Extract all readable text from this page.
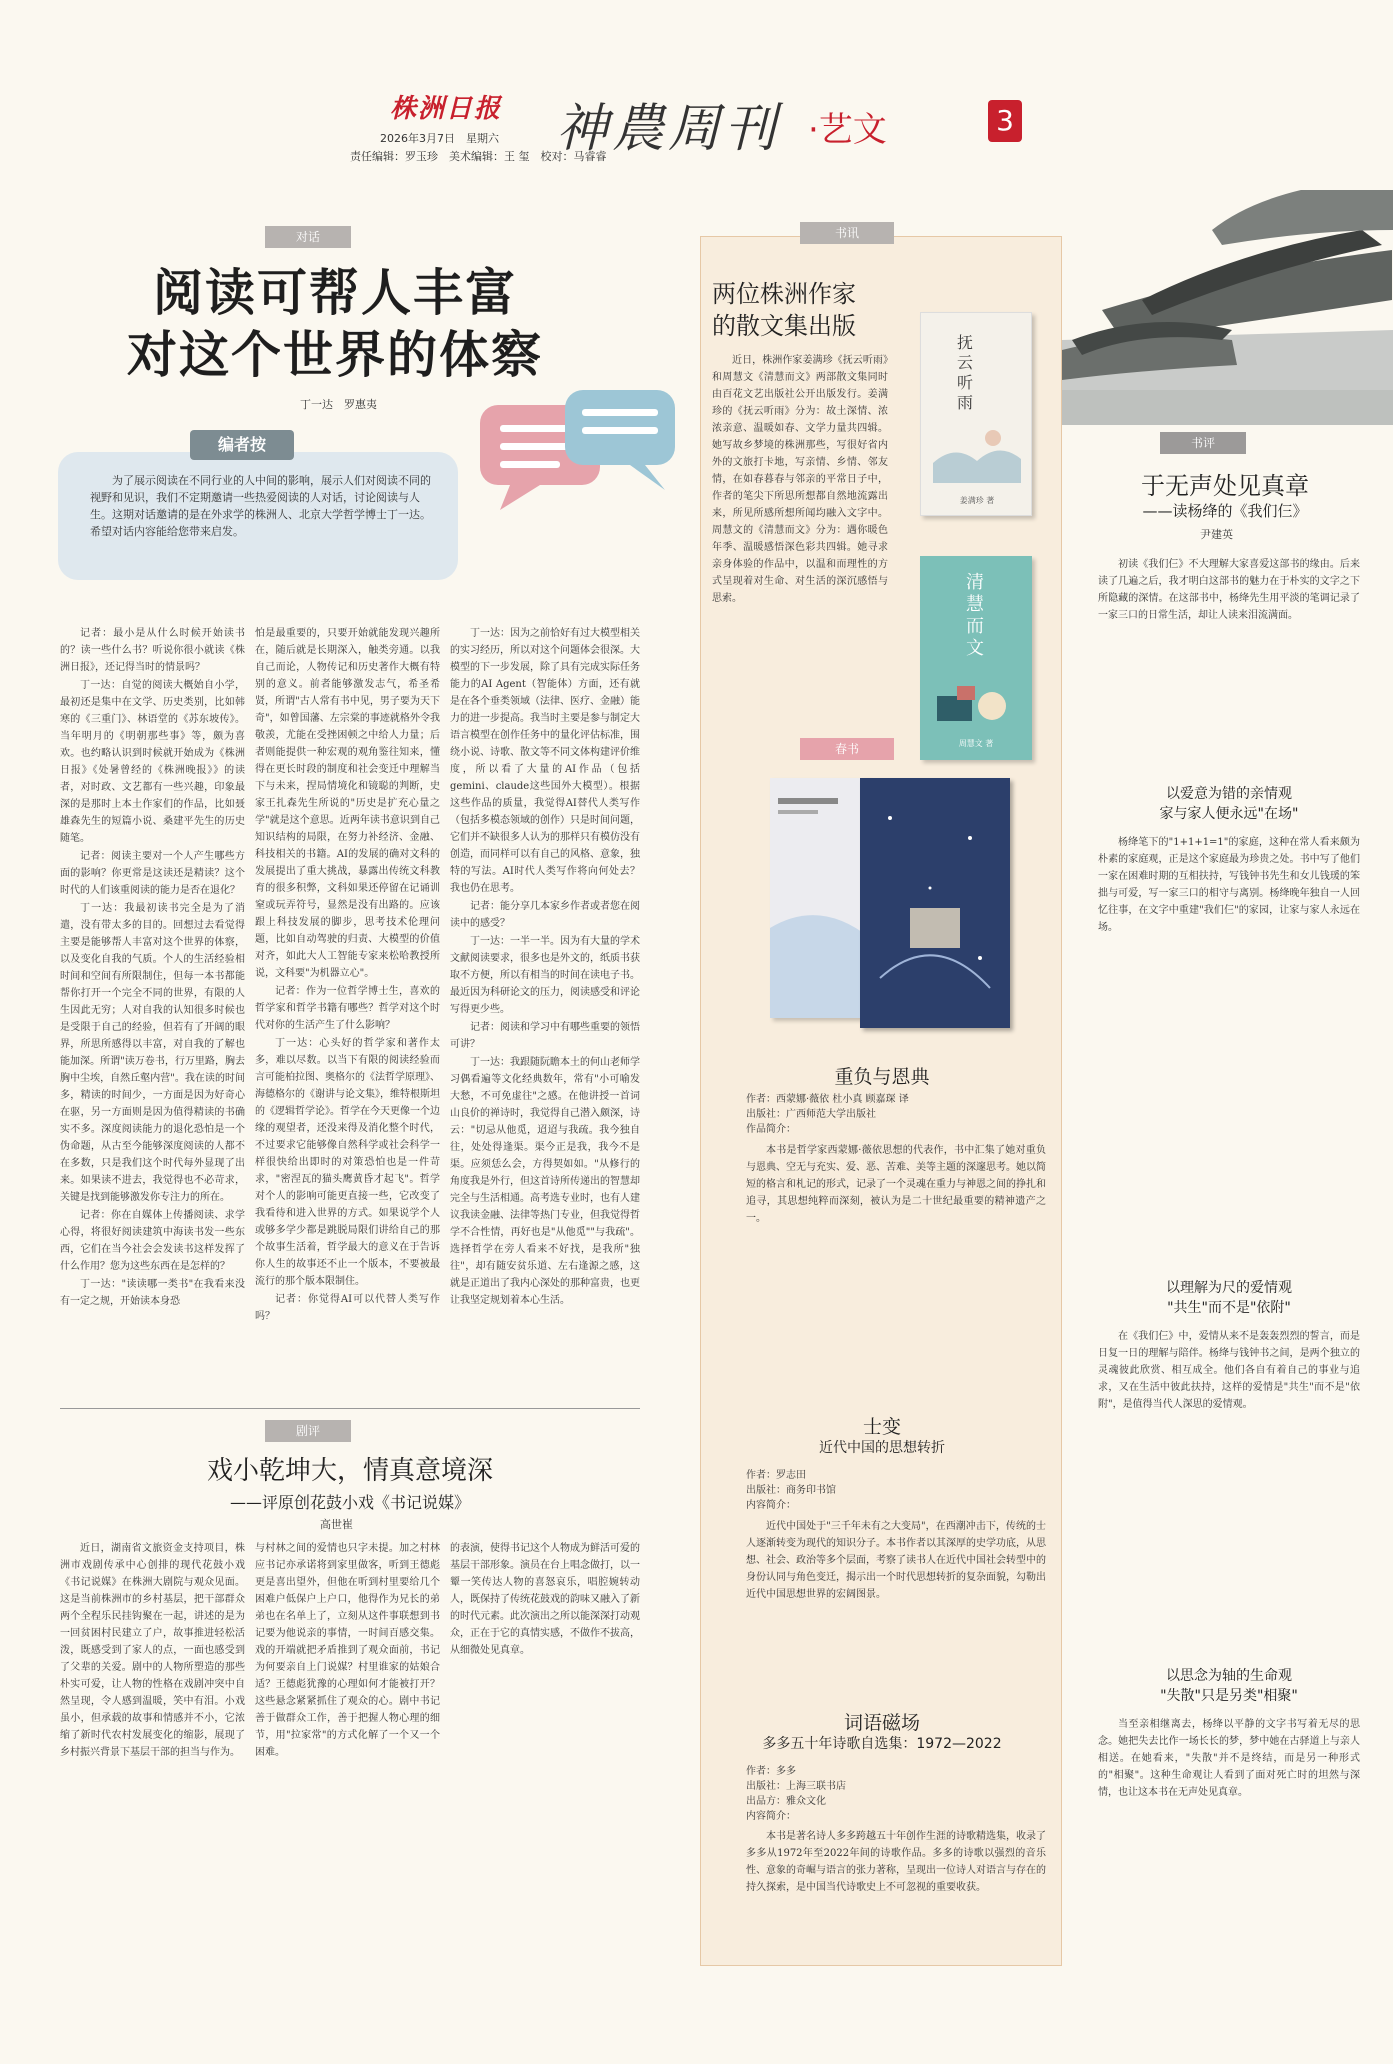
株洲日报
2026年3月7日　星期六
责任编辑：罗玉珍　美术编辑：王 玺　校对：马睿睿
神農周刊 ·艺文	3
对话
阅读可帮人丰富
对这个世界的体察
丁一达　罗惠夷
编者按
为了展示阅读在不同行业的人中间的影响，展示人们对阅读不同的视野和见识，我们不定期邀请一些热爱阅读的人对话，讨论阅读与人生。这期对话邀请的是在外求学的株洲人、北京大学哲学博士丁一达。希望对话内容能给您带来启发。

记者：最小是从什么时候开始读书的？读一些什么书？听说你很小就读《株洲日报》，还记得当时的情景吗？

丁一达：自觉的阅读大概始自小学，最初还是集中在文学、历史类别，比如韩寒的《三重门》、林语堂的《苏东坡传》。当年明月的《明朝那些事》等，颇为喜欢。也约略认识到时候就开始成为《株洲日报》《处暑曾经的《株洲晚报》》的读者，对时政、文艺都有一些兴趣，印象最深的是那时上本土作家们的作品，比如聂雄森先生的短篇小说、桑建平先生的历史随笔。

记者：阅读主要对一个人产生哪些方面的影响？你更常是这读还是精读？这个时代的人们该重阅读的能力是否在退化？

丁一达：我最初读书完全是为了消遣，没有带太多的目的。回想过去看觉得主要是能够帮人丰富对这个世界的体察，以及变化自我的气质。个人的生活经验相时间和空间有所限制住，但每一本书都能帮你打开一个完全不同的世界，有限的人生因此无穷；人对自我的认知很多时候也是受限于自己的经验，但若有了开阔的眼界，所思所感得以丰富，对自我的了解也能加深。所谓"读万卷书，行万里路，胸去胸中尘埃，自然丘壑内营"。我在读的时间多，精读的时间少，一方面是因为好奇心在驱，另一方面则是因为值得精读的书确实不多。深度阅读能力的退化恐怕是一个伪命题，从古至今能够深度阅读的人都不在多数，只是我们这个时代每外显现了出来。如果读不进去，我觉得也不必苛求，关键是找到能够激发你专注力的所在。

记者：你在自媒体上传播阅读、求学心得，将很好阅读建筑中海读书发一些东西，它们在当今社会会发读书这样发挥了什么作用？您为这些东西在是怎样的？

丁一达："读读哪一类书"在我看来没有一定之规，开始读本身恐

怕是最重要的，只要开始就能发现兴趣所在，随后就是长期深入，触类旁通。以我自己而论，人物传记和历史著作大概有特别的意义。前者能够激发志气，希圣希贤，所谓"古人常有书中见，男子要为天下奇"，如曾国藩、左宗棠的事迹就格外令我敬羡，尤能在受挫困顿之中给人力量；后者则能提供一种宏观的观角鉴往知来，懂得在更长时段的制度和社会变迁中理解当下与未来，捏局情境化和镜聪的判断，史家王扎森先生所说的"历史是扩充心量之学"就是这个意思。近两年读书意识到自己知识结构的局限，在努力补经济、金融、科技相关的书籍。AI的发展的确对文科的发展提出了重大挑战，暴露出传统文科教育的很多积弊，文科如果还停留在记诵训窒或玩弄符号，显然是没有出路的。应该跟上科技发展的脚步，思考技术伦理问题，比如自动驾驶的归责、大模型的价值对齐，如此大人工智能专家来松哈教授所说，文科要"为机器立心"。

记者：作为一位哲学博士生，喜欢的哲学家和哲学书籍有哪些？哲学对这个时代对你的生活产生了什么影响？

丁一达：心头好的哲学家和著作太多，难以尽数。以当下有限的阅读经验而言可能柏拉图、奥格尔的《法哲学原理》、海德格尔的《谢讲与论文集》，维特根斯坦的《逻辑哲学论》。哲学在今天更像一个边缘的观望者，还没来得及消化整个时代，不过要求它能够像自然科学或社会科学一样很快给出即时的对策恐怕也是一件苛求，"密涅瓦的猫头鹰黄昏才起飞"。哲学对个人的影响可能更直接一些，它改变了我看待和进入世界的方式。如果说学个人或够多学少都是跳脱局限们讲给自己的那个故事生活着，哲学最大的意义在于告诉你人生的故事还不止一个版本，不要被最流行的那个版本限制住。

记者：你觉得AI可以代替人类写作吗？

丁一达：因为之前恰好有过大模型相关的实习经历，所以对这个问题体会很深。大模型的下一步发展，除了具有完成实际任务能力的AI Agent（智能体）方面，还有就是在各个垂类领域（法律、医疗、金融）能力的进一步提高。我当时主要是参与制定大语言模型在创作任务中的量化评估标准，围绕小说、诗歌、散文等不同文体构建评价维度，所以看了大量的AI作品（包括gemini、claude这些国外大模型）。根据这些作品的质量，我觉得AI替代人类写作（包括多模态领域的创作）只是时间问题，它们并不缺很多人认为的那样只有模仿没有创造，而同样可以有自己的风格、意象，独特的写法。AI时代人类写作将向何处去？我也仍在思考。

记者：能分享几本家乡作者或者您在阅读中的感受？

丁一达：一半一半。因为有大量的学术文献阅读要求，很多也是外文的，纸质书获取不方便，所以有相当的时间在读电子书。最近因为科研论文的压力，阅读感受和评论写得更少些。

记者：阅读和学习中有哪些重要的领悟可讲？

丁一达：我跟随阮瞻本土的何山老师学习偶看遍等文化经典数年，常有"小可喻发大愁，不可免虚往"之感。在他讲授一首词山良价的禅诗时，我觉得自己潜入颇深，诗云："切忌从他觅，迢迢与我疏。我今独自往，处处得逢渠。渠今正是我，我今不是渠。应须恁么会，方得契如如。"从修行的角度我是外行，但这首诗所传递出的智慧却完全与生活相通。高考选专业时，也有人建议我读金融、法律等热门专业，但我觉得哲学不合性情，再好也是"从他觅""与我疏"。选择哲学在旁人看来不好找，是我所"独往"，却有随安贫乐道、左右逢源之感，这就是正道出了我内心深处的那种富贵，也更让我坚定规划着本心生活。

剧评
戏小乾坤大，情真意境深
——评原创花鼓小戏《书记说媒》
高世崔

近日，湖南省文旅资金支持项目，株洲市戏剧传承中心创排的现代花鼓小戏《书记说媒》在株洲大剧院与观众见面。这是当前株洲市的乡村基层，把干部群众两个全程乐民挂钩聚在一起，讲述的是为一回贫困村民建立了户，故事推进轻松活泼，既感受到了家人的点，一面也感受到了父辈的关爱。剧中的人物所塑造的那些朴实可爱，让人物的性格在戏剧冲突中自然呈现，令人感到温暖，笑中有泪。小戏虽小，但承载的故事和情感并不小，它浓缩了新时代农村发展变化的缩影，展现了乡村振兴背景下基层干部的担当与作为。

与村林之间的爱情也只字未提。加之村林应书记亦承诺将到家里做客，听到王德彪更是喜出望外，但他在听到村里要给几个困难户低保户上户口，他得作为兄长的弟弟也在名单上了，立刻从这件事联想到书记要为他说亲的事情，一时间百感交集。戏的开端就把矛盾推到了观众面前，书记为何要亲自上门说媒？村里谁家的姑娘合适？王德彪犹豫的心理如何才能被打开？这些悬念紧紧抓住了观众的心。剧中书记善于做群众工作，善于把握人物心理的细节，用"拉家常"的方式化解了一个又一个困难。

的表演，使得书记这个人物成为鲜活可爱的基层干部形象。演员在台上唱念做打，以一颦一笑传达人物的喜怒哀乐，唱腔婉转动人，既保持了传统花鼓戏的韵味又融入了新的时代元素。此次演出之所以能深深打动观众，正在于它的真情实感，不做作不拔高，从细微处见真章。

书讯
两位株洲作家
的散文集出版

近日，株洲作家姜满珍《抚云听雨》和周慧文《清慧而文》两部散文集同时由百花文艺出版社公开出版发行。姜满珍的《抚云听雨》分为：故土深情、浓浓亲意、温暖如春、文学力量共四辑。她写故乡梦境的株洲那些，写很好省内外的文旅打卡地，写亲情、乡情、邻友情，在如春暮春与邻亲的平常日子中，作者的笔尖下所思所想都自然地流露出来，所见所感所想所闻均融入文字中。周慧文的《清慧而文》分为：遇你暖色年季、温暖感悟深色彩共四辑。她寻求亲身体验的作品中，以温和而理性的方式呈现着对生命、对生活的深沉感悟与思索。

抚云听雨
姜满珍 著
清慧而文
周慧文 著
春书
重负与恩典
作者：西蒙娜·薇依 杜小真 顾嘉琛 译
出版社：广西师范大学出版社
作品简介：

本书是哲学家西蒙娜·薇依思想的代表作，书中汇集了她对重负与恩典、空无与充实、爱、恶、苦难、美等主题的深邃思考。她以简短的格言和札记的形式，记录了一个灵魂在重力与神恩之间的挣扎和追寻，其思想纯粹而深刻，被认为是二十世纪最重要的精神遗产之一。

士变
近代中国的思想转折
作者：罗志田
出版社：商务印书馆
内容简介：

近代中国处于"三千年未有之大变局"，在西潮冲击下，传统的士人逐渐转变为现代的知识分子。本书作者以其深厚的史学功底，从思想、社会、政治等多个层面，考察了读书人在近代中国社会转型中的身份认同与角色变迁，揭示出一个时代思想转折的复杂面貌，勾勒出近代中国思想世界的宏阔图景。

词语磁场
多多五十年诗歌自选集：1972—2022
作者：多多
出版社：上海三联书店
出品方：雅众文化
内容简介：

本书是著名诗人多多跨越五十年创作生涯的诗歌精选集，收录了多多从1972年至2022年间的诗歌作品。多多的诗歌以强烈的音乐性、意象的奇崛与语言的张力著称，呈现出一位诗人对语言与存在的持久探索，是中国当代诗歌史上不可忽视的重要收获。

书评
于无声处见真章
——读杨绛的《我们仨》
尹建英

初读《我们仨》不大理解大家喜爱这部书的缘由。后来读了几遍之后，我才明白这部书的魅力在于朴实的文字之下所隐藏的深情。在这部书中，杨绛先生用平淡的笔调记录了一家三口的日常生活，却让人读来泪流满面。

以爱意为错的亲情观
家与家人便永远"在场"

杨绛笔下的"1+1+1=1"的家庭，这种在常人看来颇为朴素的家庭观，正是这个家庭最为珍贵之处。书中写了他们一家在困难时期的互相扶持，写钱钟书先生和女儿钱瑗的笨拙与可爱，写一家三口的相守与离别。杨绛晚年独自一人回忆往事，在文字中重建"我们仨"的家园，让家与家人永远在场。

以理解为尺的爱情观
"共生"而不是"依附"

在《我们仨》中，爱情从来不是轰轰烈烈的誓言，而是日复一日的理解与陪伴。杨绛与钱钟书之间，是两个独立的灵魂彼此欣赏、相互成全。他们各自有着自己的事业与追求，又在生活中彼此扶持，这样的爱情是"共生"而不是"依附"，是值得当代人深思的爱情观。

以思念为轴的生命观
"失散"只是另类"相聚"

当至亲相继离去，杨绛以平静的文字书写着无尽的思念。她把失去比作一场长长的梦，梦中她在古驿道上与亲人相送。在她看来，"失散"并不是终结，而是另一种形式的"相聚"。这种生命观让人看到了面对死亡时的坦然与深情，也让这本书在无声处见真章。
